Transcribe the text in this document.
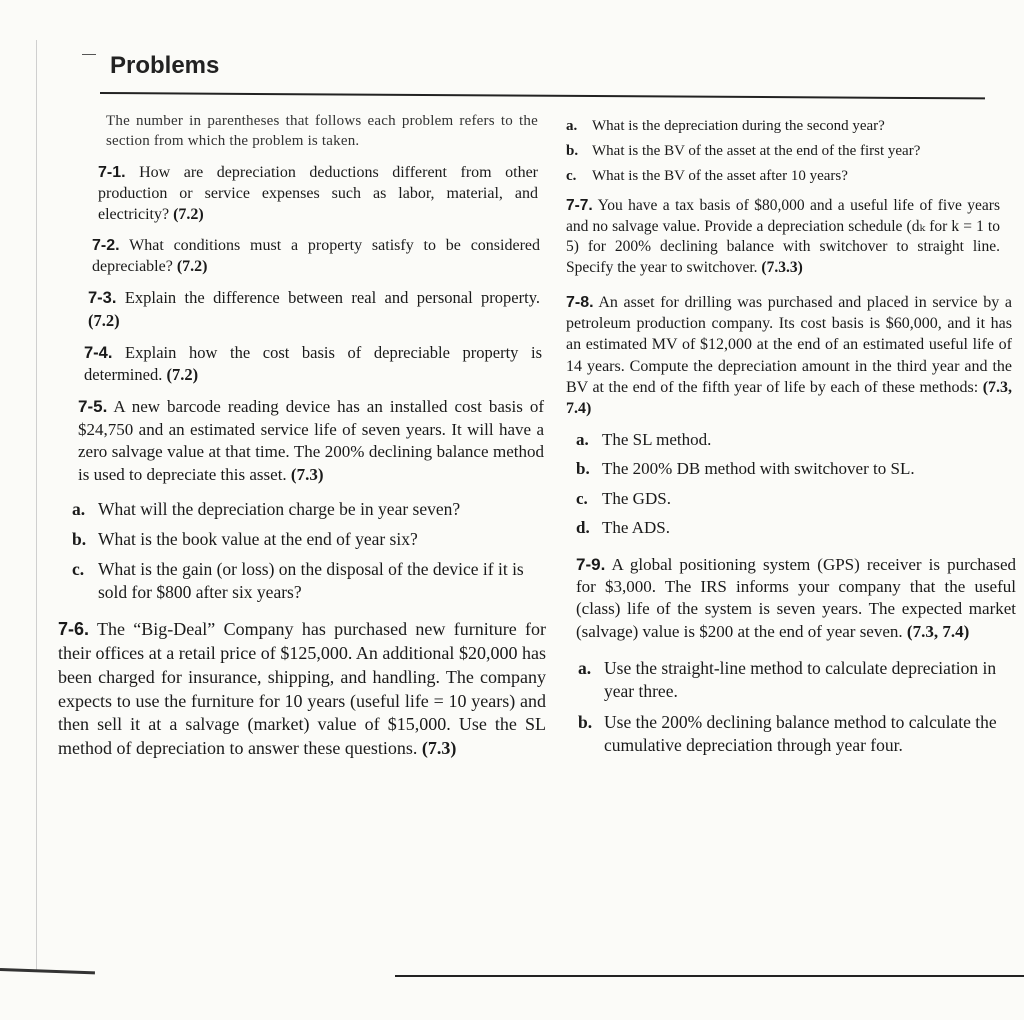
Problems

The number in parentheses that follows each problem refers to the section from which the problem is taken.

7-1. How are depreciation deductions different from other production or service expenses such as labor, material, and electricity? (7.2)

7-2. What conditions must a property satisfy to be considered depreciable? (7.2)

7-3. Explain the difference between real and personal property. (7.2)

7-4. Explain how the cost basis of depreciable property is determined. (7.2)

7-5. A new barcode reading device has an installed cost basis of $24,750 and an estimated service life of seven years. It will have a zero salvage value at that time. The 200% declining balance method is used to depreciate this asset. (7.3)

a. What will the depreciation charge be in year seven?
b. What is the book value at the end of year six?
c. What is the gain (or loss) on the disposal of the device if it is sold for $800 after six years?

7-6. The “Big-Deal” Company has purchased new furniture for their offices at a retail price of $125,000. An additional $20,000 has been charged for insurance, shipping, and handling. The company expects to use the furniture for 10 years (useful life = 10 years) and then sell it at a salvage (market) value of $15,000. Use the SL method of depreciation to answer these questions. (7.3)

a. What is the depreciation during the second year?
b. What is the BV of the asset at the end of the first year?
c.	What is the BV of the asset after 10 years?

7-7. You have a tax basis of $80,000 and a useful life of five years and no salvage value. Provide a depreciation schedule (dₖ for k = 1 to 5) for 200% declining balance with switchover to straight line. Specify the year to switchover. (7.3.3)

7-8. An asset for drilling was purchased and placed in service by a petroleum production company. Its cost basis is $60,000, and it has an estimated MV of $12,000 at the end of an estimated useful life of 14 years. Compute the depreciation amount in the third year and the BV at the end of the fifth year of life by each of these methods: (7.3, 7.4)

a. The SL method.
b. The 200% DB method with switchover to SL.
c. The GDS.
d. The ADS.

7-9. A global positioning system (GPS) receiver is purchased for $3,000. The IRS informs your company that the useful (class) life of the system is seven years. The expected market (salvage) value is $200 at the end of year seven. (7.3, 7.4)

a. Use the straight-line method to calculate depreciation in year three.
b. Use the 200% declining balance method to calculate the cumulative depreciation through year four.
